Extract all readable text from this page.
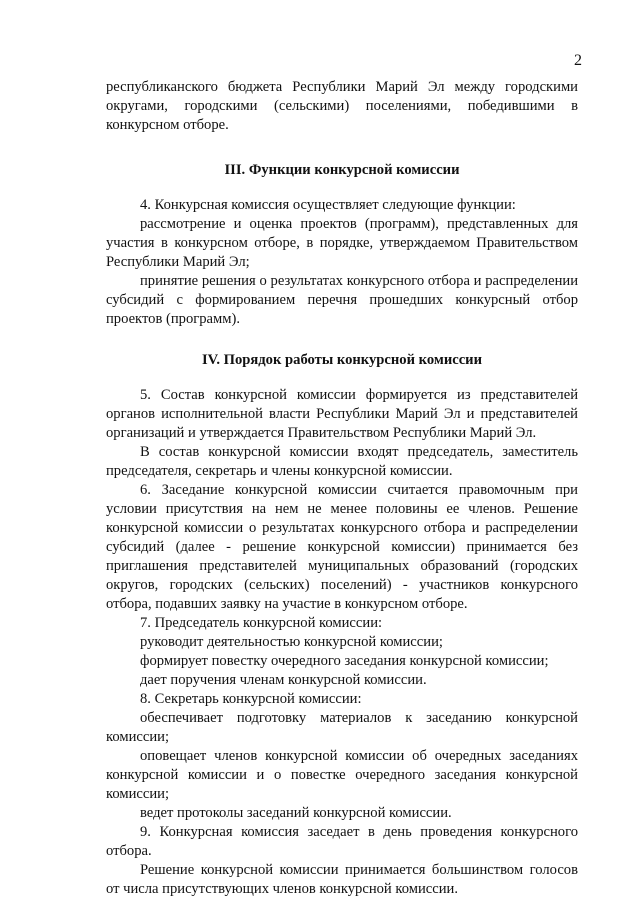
2

республиканского бюджета Республики Марий Эл между городскими округами, городскими (сельскими) поселениями, победившими в конкурсном отборе.

III. Функции конкурсной комиссии

4. Конкурсная комиссия осуществляет следующие функции:

рассмотрение и оценка проектов (программ), представленных для участия в конкурсном отборе, в порядке, утверждаемом Правительством Республики Марий Эл;

принятие решения о результатах конкурсного отбора и распределении субсидий с формированием перечня прошедших конкурсный отбор проектов (программ).

IV. Порядок работы конкурсной комиссии

5. Состав конкурсной комиссии формируется из представителей органов исполнительной власти Республики Марий Эл и представителей организаций и утверждается Правительством Республики Марий Эл.

В состав конкурсной комиссии входят председатель, заместитель председателя, секретарь и члены конкурсной комиссии.

6. Заседание конкурсной комиссии считается правомочным при условии присутствия на нем не менее половины ее членов. Решение конкурсной комиссии о результатах конкурсного отбора и распределении субсидий (далее - решение конкурсной комиссии) принимается без приглашения представителей муниципальных образований (городских округов, городских (сельских) поселений) - участников конкурсного отбора, подавших заявку на участие в конкурсном отборе.

7. Председатель конкурсной комиссии:

руководит деятельностью конкурсной комиссии;

формирует повестку очередного заседания конкурсной комиссии;

дает поручения членам конкурсной комиссии.

8. Секретарь конкурсной комиссии:

обеспечивает подготовку материалов к заседанию конкурсной комиссии;

оповещает членов конкурсной комиссии об очередных заседаниях конкурсной комиссии и о повестке очередного заседания конкурсной комиссии;

ведет протоколы заседаний конкурсной комиссии.

9. Конкурсная комиссия заседает в день проведения конкурсного отбора.

Решение конкурсной комиссии принимается большинством голосов от числа присутствующих членов конкурсной комиссии.
